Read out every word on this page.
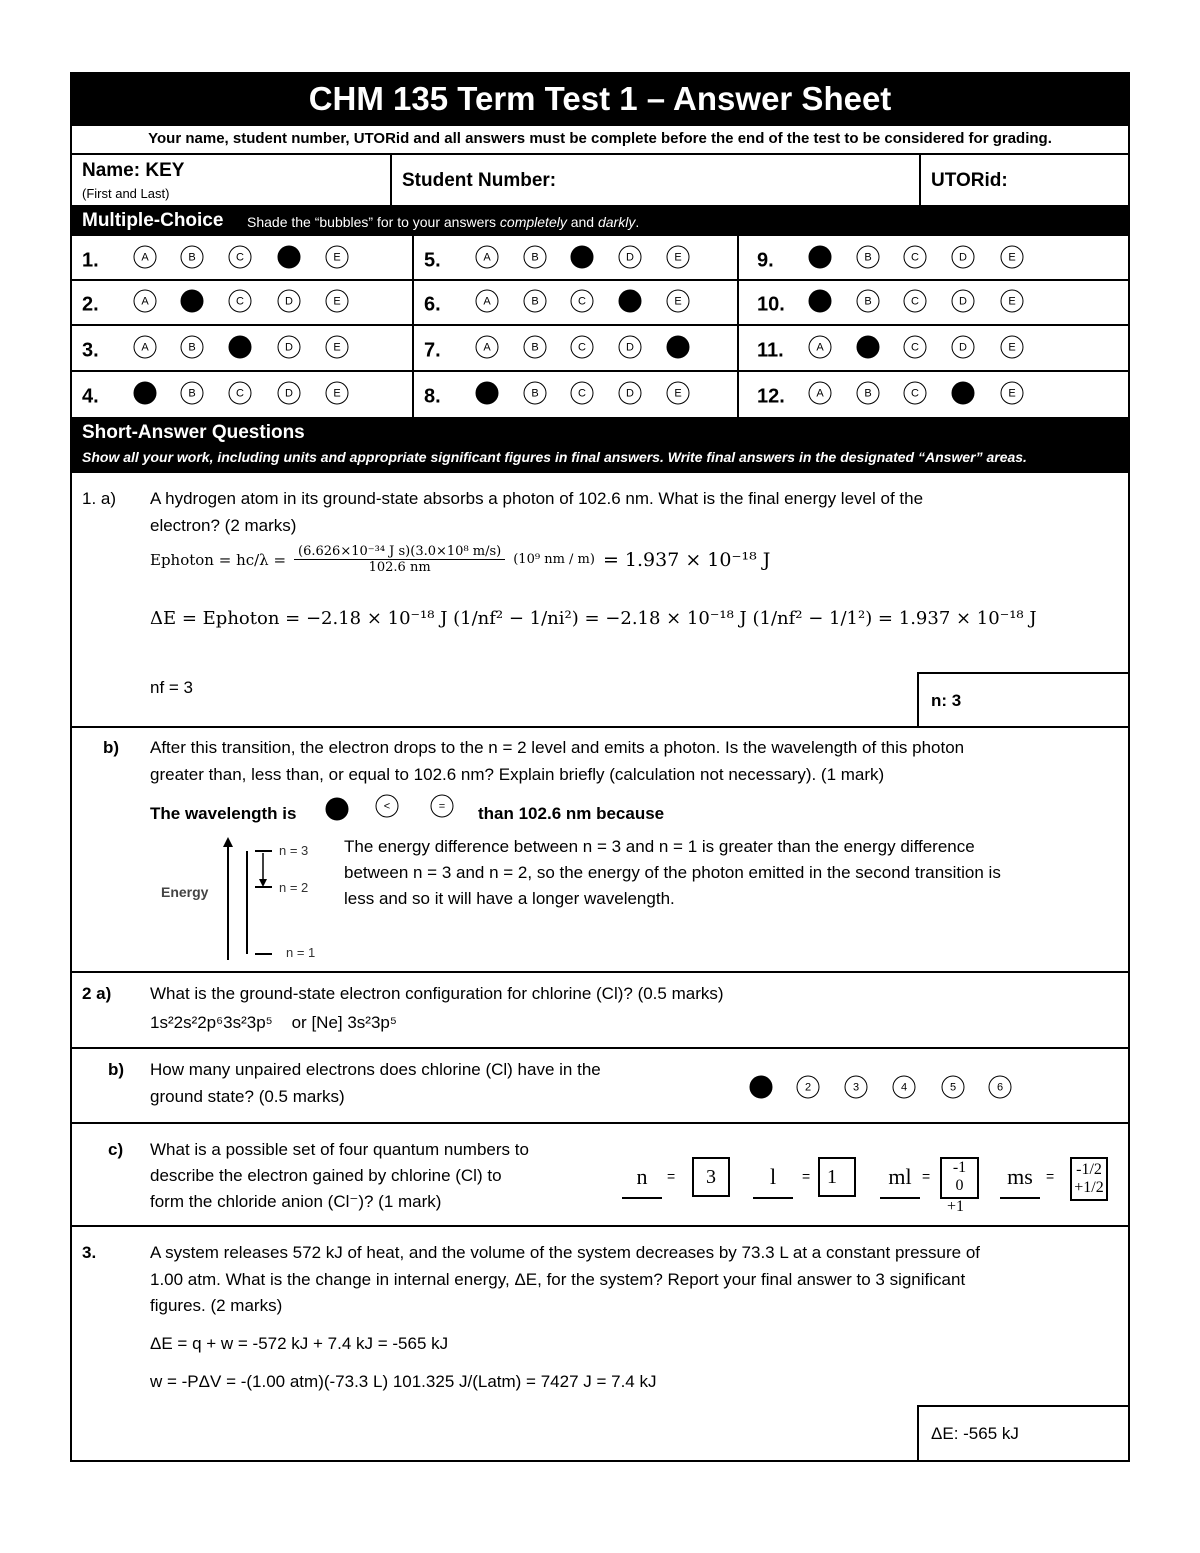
CHM 135 Term Test 1 – Answer Sheet
Your name, student number, UTORid and all answers must be complete before the end of the test to be considered for grading.
Name: KEY
(First and Last)
Student Number:	UTORid:
Multiple-Choice Shade the “bubbles” for to your answers completely and darkly.
1.	A	B	C	D	E
2.	A	B	C	D	E
3.	A	B	C	D	E
4.	A	B	C	D	E
5.	A	B	C	D	E
6.	A	B	C	D	E
7.	A	B	C	D	E
8.	A	B	C	D	E
9.	A	B	C	D	E
10.	A	B	C	D	E
11.	A	B	C	D	E
12.	A	B	C	D	E
Short-Answer Questions
Show all your work, including units and appropriate significant figures in final answers. Write final answers in the designated “Answer” areas.
1. a) A hydrogen atom in its ground-state absorbs a photon of 102.6 nm. What is the final energy level of the
electron? (2 marks)
Ephoton = $hc/\lambda = \frac{\text{(6.626×10⁻³⁴ J s)(3.0×10⁸ m/s)}}{102.6 nm} (10^9$ nm / m) = 1.937 × 10⁻¹⁸ J
ΔE = Ephoton = −2.18 × 10⁻¹⁸ J (1/nf² − 1/ni²) = −2.18 × 10⁻¹⁸ J (1/nf² − 1/1²) = 1.937 × 10⁻¹⁸ J
nf = 3
n: 3
b) After this transition, the electron drops to the n = 2 level and emits a photon. Is the wavelength of this photon
greater than, less than, or equal to 102.6 nm? Explain briefly (calculation not necessary). (1 mark)
The wavelength is	>	<	= than 102.6 nm because
Energy
n = 3
n = 2
n = 1
The energy difference between n = 3 and n = 1 is greater than the energy difference
between n = 3 and n = 2, so the energy of the photon emitted in the second transition is
less and so it will have a longer wavelength.
2 a) What is the ground-state electron configuration for chlorine (Cl)? (0.5 marks)
1s²2s²2p⁶3s²3p⁵    or [Ne] 3s²3p⁵
b) How many unpaired electrons does chlorine (Cl) have in the
ground state? (0.5 marks)	1	2	3	4	5	6
c) What is a possible set of four quantum numbers to
describe the electron gained by chlorine (Cl) to
form the chloride anion (Cl⁻)? (1 mark)
n	= 3	l	= 1	ml = -1
0
+1
ms = -1/2
+1/2
3.	A system releases 572 kJ of heat, and the volume of the system decreases by 73.3 L at a constant pressure of
1.00 atm. What is the change in internal energy, ΔE, for the system? Report your final answer to 3 significant
figures. (2 marks)
ΔE = q + w = -572 kJ + 7.4 kJ = -565 kJ
w = -PΔV = -(1.00 atm)(-73.3 L) 101.325 J/(Latm) = 7427 J = 7.4 kJ
ΔE: -565 kJ
